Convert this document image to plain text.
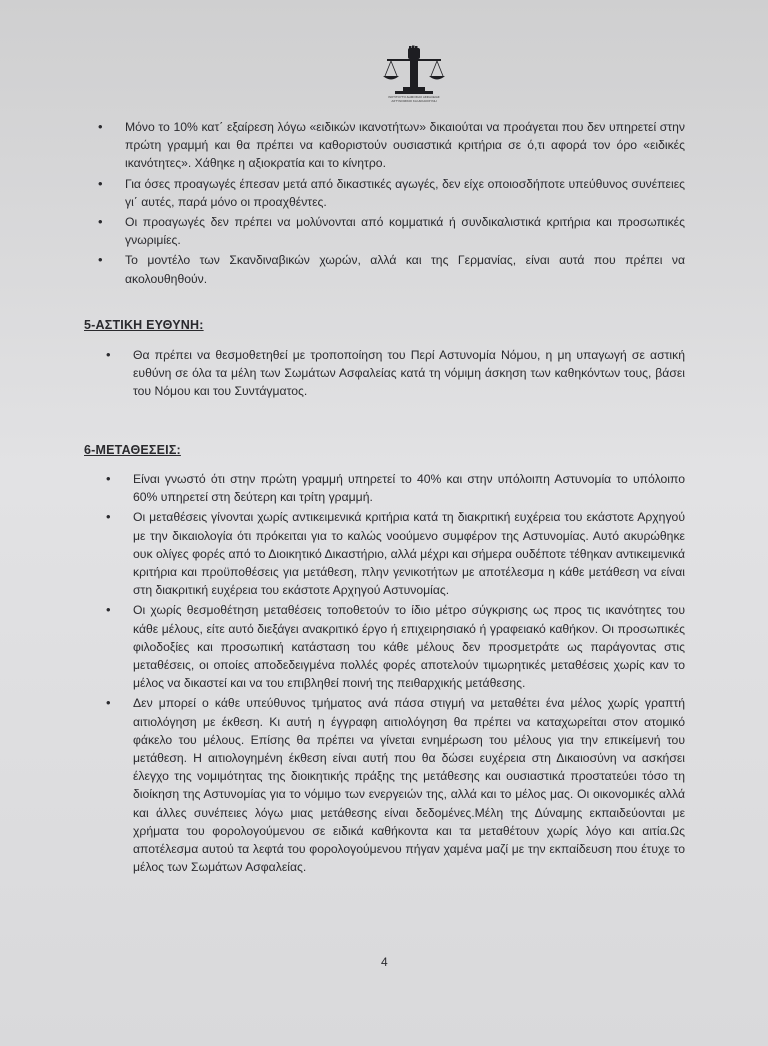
ΙΝΣΤΙΤΟΥΤΟ ΔΗΜΟΣΙΑΣ ΑΣΦΑΛΕΙΑΣ
ΑΣΤΥΝΟΜΙΚΟΙ ΚΑΙ ΔΙΚΑΙΟΣΥΝΗ
• Μόνο το 10% κατ΄ εξαίρεση λόγω «ειδικών ικανοτήτων» δικαιούται να προάγεται που δεν υπηρετεί στην πρώτη γραμμή και θα πρέπει να καθοριστούν ουσιαστικά κριτήρια σε ό,τι αφορά τον όρο «ειδικές ικανότητες». Χάθηκε η αξιοκρατία και το κίνητρο.
• Για όσες προαγωγές έπεσαν μετά από δικαστικές αγωγές, δεν είχε οποιοσδήποτε υπεύθυνος συνέπειες γι΄ αυτές, παρά μόνο οι προαχθέντες.
• Οι προαγωγές δεν πρέπει να μολύνονται από κομματικά ή συνδικαλιστικά κριτήρια και προσωπικές γνωριμίες.
• Το μοντέλο των Σκανδιναβικών χωρών, αλλά και της Γερμανίας, είναι αυτά που πρέπει να ακολουθηθούν.
5-ΑΣΤΙΚΗ ΕΥΘΥΝΗ:
• Θα πρέπει να θεσμοθετηθεί με τροποποίηση του Περί Αστυνομία Νόμου, η μη υπαγωγή σε αστική ευθύνη σε όλα τα μέλη των Σωμάτων Ασφαλείας κατά τη νόμιμη άσκηση των καθηκόντων τους, βάσει του Νόμου και του Συντάγματος.
6-ΜΕΤΑΘΕΣΕΙΣ:
• Είναι γνωστό ότι στην πρώτη γραμμή υπηρετεί το 40% και στην υπόλοιπη Αστυνομία το υπόλοιπο 60% υπηρετεί στη δεύτερη και τρίτη γραμμή.
• Οι μεταθέσεις γίνονται χωρίς αντικειμενικά κριτήρια κατά τη διακριτική ευχέρεια του εκάστοτε Αρχηγού με την δικαιολογία ότι πρόκειται για το καλώς νοούμενο συμφέρον της Αστυνομίας. Αυτό ακυρώθηκε ουκ ολίγες φορές από το Διοικητικό Δικαστήριο, αλλά μέχρι και σήμερα ουδέποτε τέθηκαν αντικειμενικά κριτήρια και προϋποθέσεις για μετάθεση, πλην γενικοτήτων με αποτέλεσμα η κάθε μετάθεση να είναι στη διακριτική ευχέρεια του εκάστοτε Αρχηγού Αστυνομίας.
• Οι χωρίς θεσμοθέτηση μεταθέσεις τοποθετούν το ίδιο μέτρο σύγκρισης ως προς τις ικανότητες του κάθε μέλους, είτε αυτό διεξάγει ανακριτικό έργο ή επιχειρησιακό ή γραφειακό καθήκον. Οι προσωπικές φιλοδοξίες και προσωπική κατάσταση του κάθε μέλους δεν προσμετράτε ως παράγοντας στις μεταθέσεις, οι οποίες αποδεδειγμένα πολλές φορές αποτελούν τιμωρητικές μεταθέσεις χωρίς καν το μέλος να δικαστεί και να του επιβληθεί ποινή της πειθαρχικής μετάθεσης.
• Δεν μπορεί ο κάθε υπεύθυνος τμήματος ανά πάσα στιγμή να μεταθέτει ένα μέλος χωρίς γραπτή αιτιολόγηση με έκθεση. Κι αυτή η έγγραφη αιτιολόγηση θα πρέπει να καταχωρείται στον ατομικό φάκελο του μέλους. Επίσης θα πρέπει να γίνεται ενημέρωση του μέλους για την επικείμενή του μετάθεση. Η αιτιολογημένη έκθεση είναι αυτή που θα δώσει ευχέρεια στη Δικαιοσύνη να ασκήσει έλεγχο της νομιμότητας της διοικητικής πράξης της μετάθεσης και ουσιαστικά προστατεύει τόσο τη διοίκηση της Αστυνομίας για το νόμιμο των ενεργειών της, αλλά και το μέλος μας. Οι οικονομικές αλλά και άλλες συνέπειες λόγω μιας μετάθεσης είναι δεδομένες.Μέλη της Δύναμης εκπαιδεύονται με χρήματα του φορολογούμενου σε ειδικά καθήκοντα και τα μεταθέτουν χωρίς λόγο και αιτία.Ως αποτέλεσμα αυτού τα λεφτά του φορολογούμενου πήγαν χαμένα μαζί με την εκπαίδευση που έτυχε το μέλος των Σωμάτων Ασφαλείας.
4
